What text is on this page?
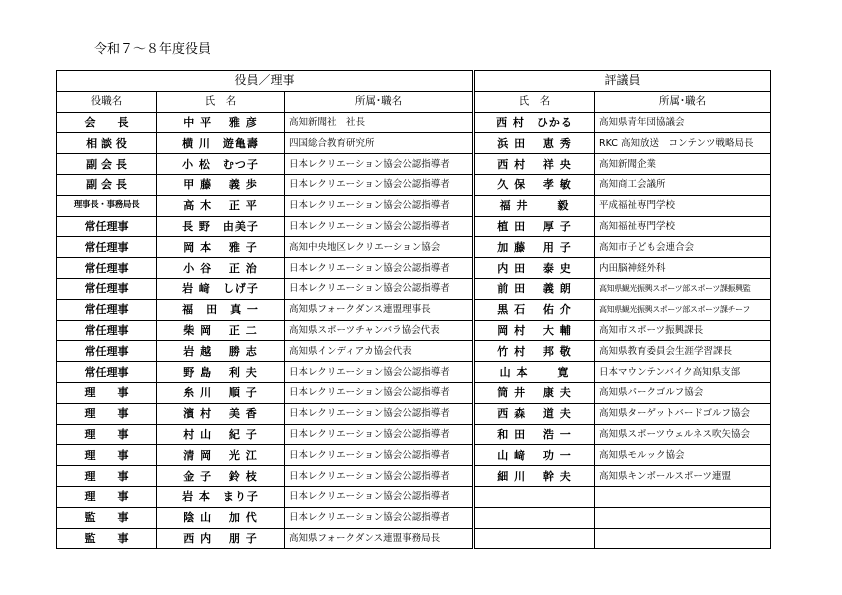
令和７～８年度役員
役員／理事		
役職名	氏　名	所属･職名
会　　長	中 平　 雅 彦	高知新聞社　社長
相 談 役	横 川　遊亀壽	四国総合教育研究所
副 会 長	小 松　むつ子	日本レクリエーション協会公認指導者
副 会 長	甲 藤　 義 歩	日本レクリエーション協会公認指導者
理事長・事務局長	高 木　 正 平	日本レクリエーション協会公認指導者
常任理事	長 野　由美子	日本レクリエーション協会公認指導者
常任理事	岡 本　 雅 子	高知中央地区レクリエーション協会
常任理事	小 谷　 正 治	日本レクリエーション協会公認指導者
常任理事	岩 﨑　しげ子	日本レクリエーション協会公認指導者
常任理事	福　田　真 一	高知県フォークダンス連盟理事長
常任理事	柴 岡　 正 二	高知県スポーツチャンバラ協会代表
常任理事	岩 越　 勝 志	高知県インディアカ協会代表
常任理事	野 島　 利 夫	日本レクリエーション協会公認指導者
理　　事	糸 川　 順 子	日本レクリエーション協会公認指導者
理　　事	濱 村　 美 香	日本レクリエーション協会公認指導者
理　　事	村 山　 紀 子	日本レクリエーション協会公認指導者
理　　事	清 岡　 光 江	日本レクリエーション協会公認指導者
理　　事	金 子　 鈴 枝	日本レクリエーション協会公認指導者
理　　事	岩 本　まり子	日本レクリエーション協会公認指導者
監　　事	陰 山　 加 代	日本レクリエーション協会公認指導者
監　　事	西 内　 朋 子	高知県フォークダンス連盟事務局長
評議員	
氏　名	所属･職名
西 村　ひかる	高知県青年団協議会
浜 田　 恵 秀	RKC 高知放送　コンテンツ戦略局長
西 村　 祥 央	高知新聞企業
久 保　 孝 敏	高知商工会議所
福 井　　 毅	平成福祉専門学校
植 田　 厚 子	高知福祉専門学校
加 藤　 用 子	高知市子ども会連合会
内 田　 泰 史	内田脳神経外科
前 田　 義 朗	高知県観光振興スポーツ部スポーツ課振興監
黒 石　 佑 介	高知県観光振興スポーツ部スポーツ課チーフ
岡 村　 大 輔	高知市スポーツ振興課長
竹 村　 邦 敬	高知県教育委員会生涯学習課長
山 本　　 寛	日本マウンテンバイク高知県支部
筒 井　 康 夫	高知県パークゴルフ協会
西 森　 道 夫	高知県ターゲットバードゴルフ協会
和 田　 浩 一	高知県スポーツウェルネス吹矢協会
山 﨑　 功 一	高知県モルック協会
細 川　 幹 夫	高知県キンボールスポーツ連盟
